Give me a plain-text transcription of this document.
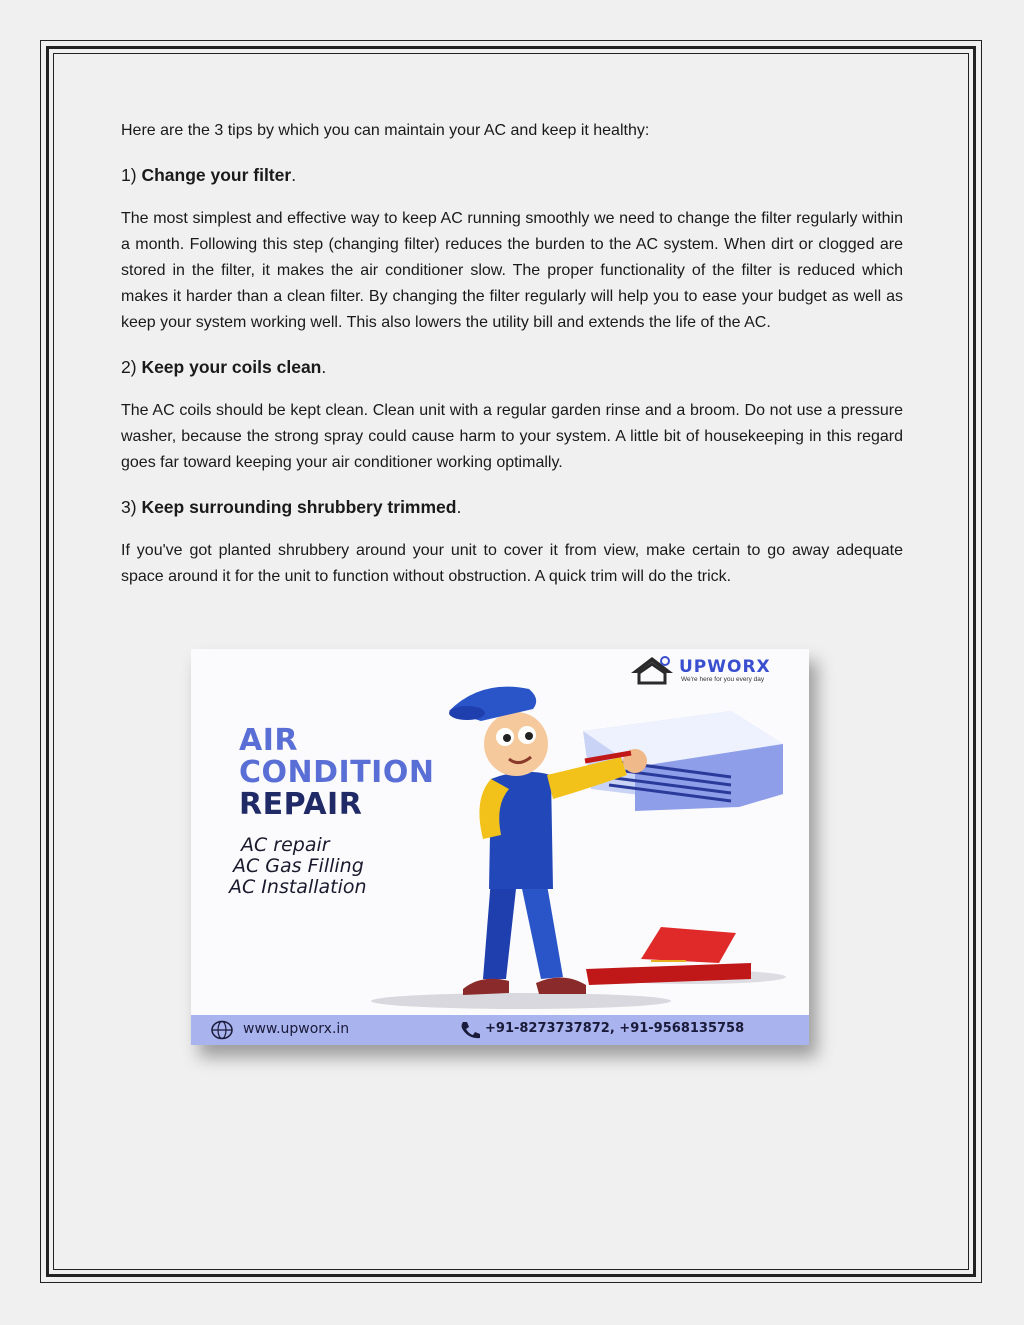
Here are the 3 tips by which you can maintain your AC and keep it healthy:

1) Change your filter.

The most simplest and effective way to keep AC running smoothly we need to change the filter regularly within a month. Following this step (changing filter) reduces the burden to the AC system. When dirt or clogged are stored in the filter, it makes the air conditioner slow. The proper functionality of the filter is reduced which makes it harder than a clean filter. By changing the filter regularly will help you to ease your budget as well as keep your system working well. This also lowers the utility bill and extends the life of the AC.

2) Keep your coils clean.

The AC coils should be kept clean. Clean unit with a regular garden rinse and a broom. Do not use a pressure washer, because the strong spray could cause harm to your system. A little bit of housekeeping in this regard goes far toward keeping your air conditioner working optimally.

3) Keep surrounding shrubbery trimmed.

If you've got planted shrubbery around your unit to cover it from view, make certain to go away adequate space around it for the unit to function without obstruction. A quick trim will do the trick.

UPWORX
We're here for you every day
AIR
CONDITION
REPAIR
AC repair
AC Gas Filling
AC Installation
www.upworx.in	+91-8273737872, +91-9568135758
